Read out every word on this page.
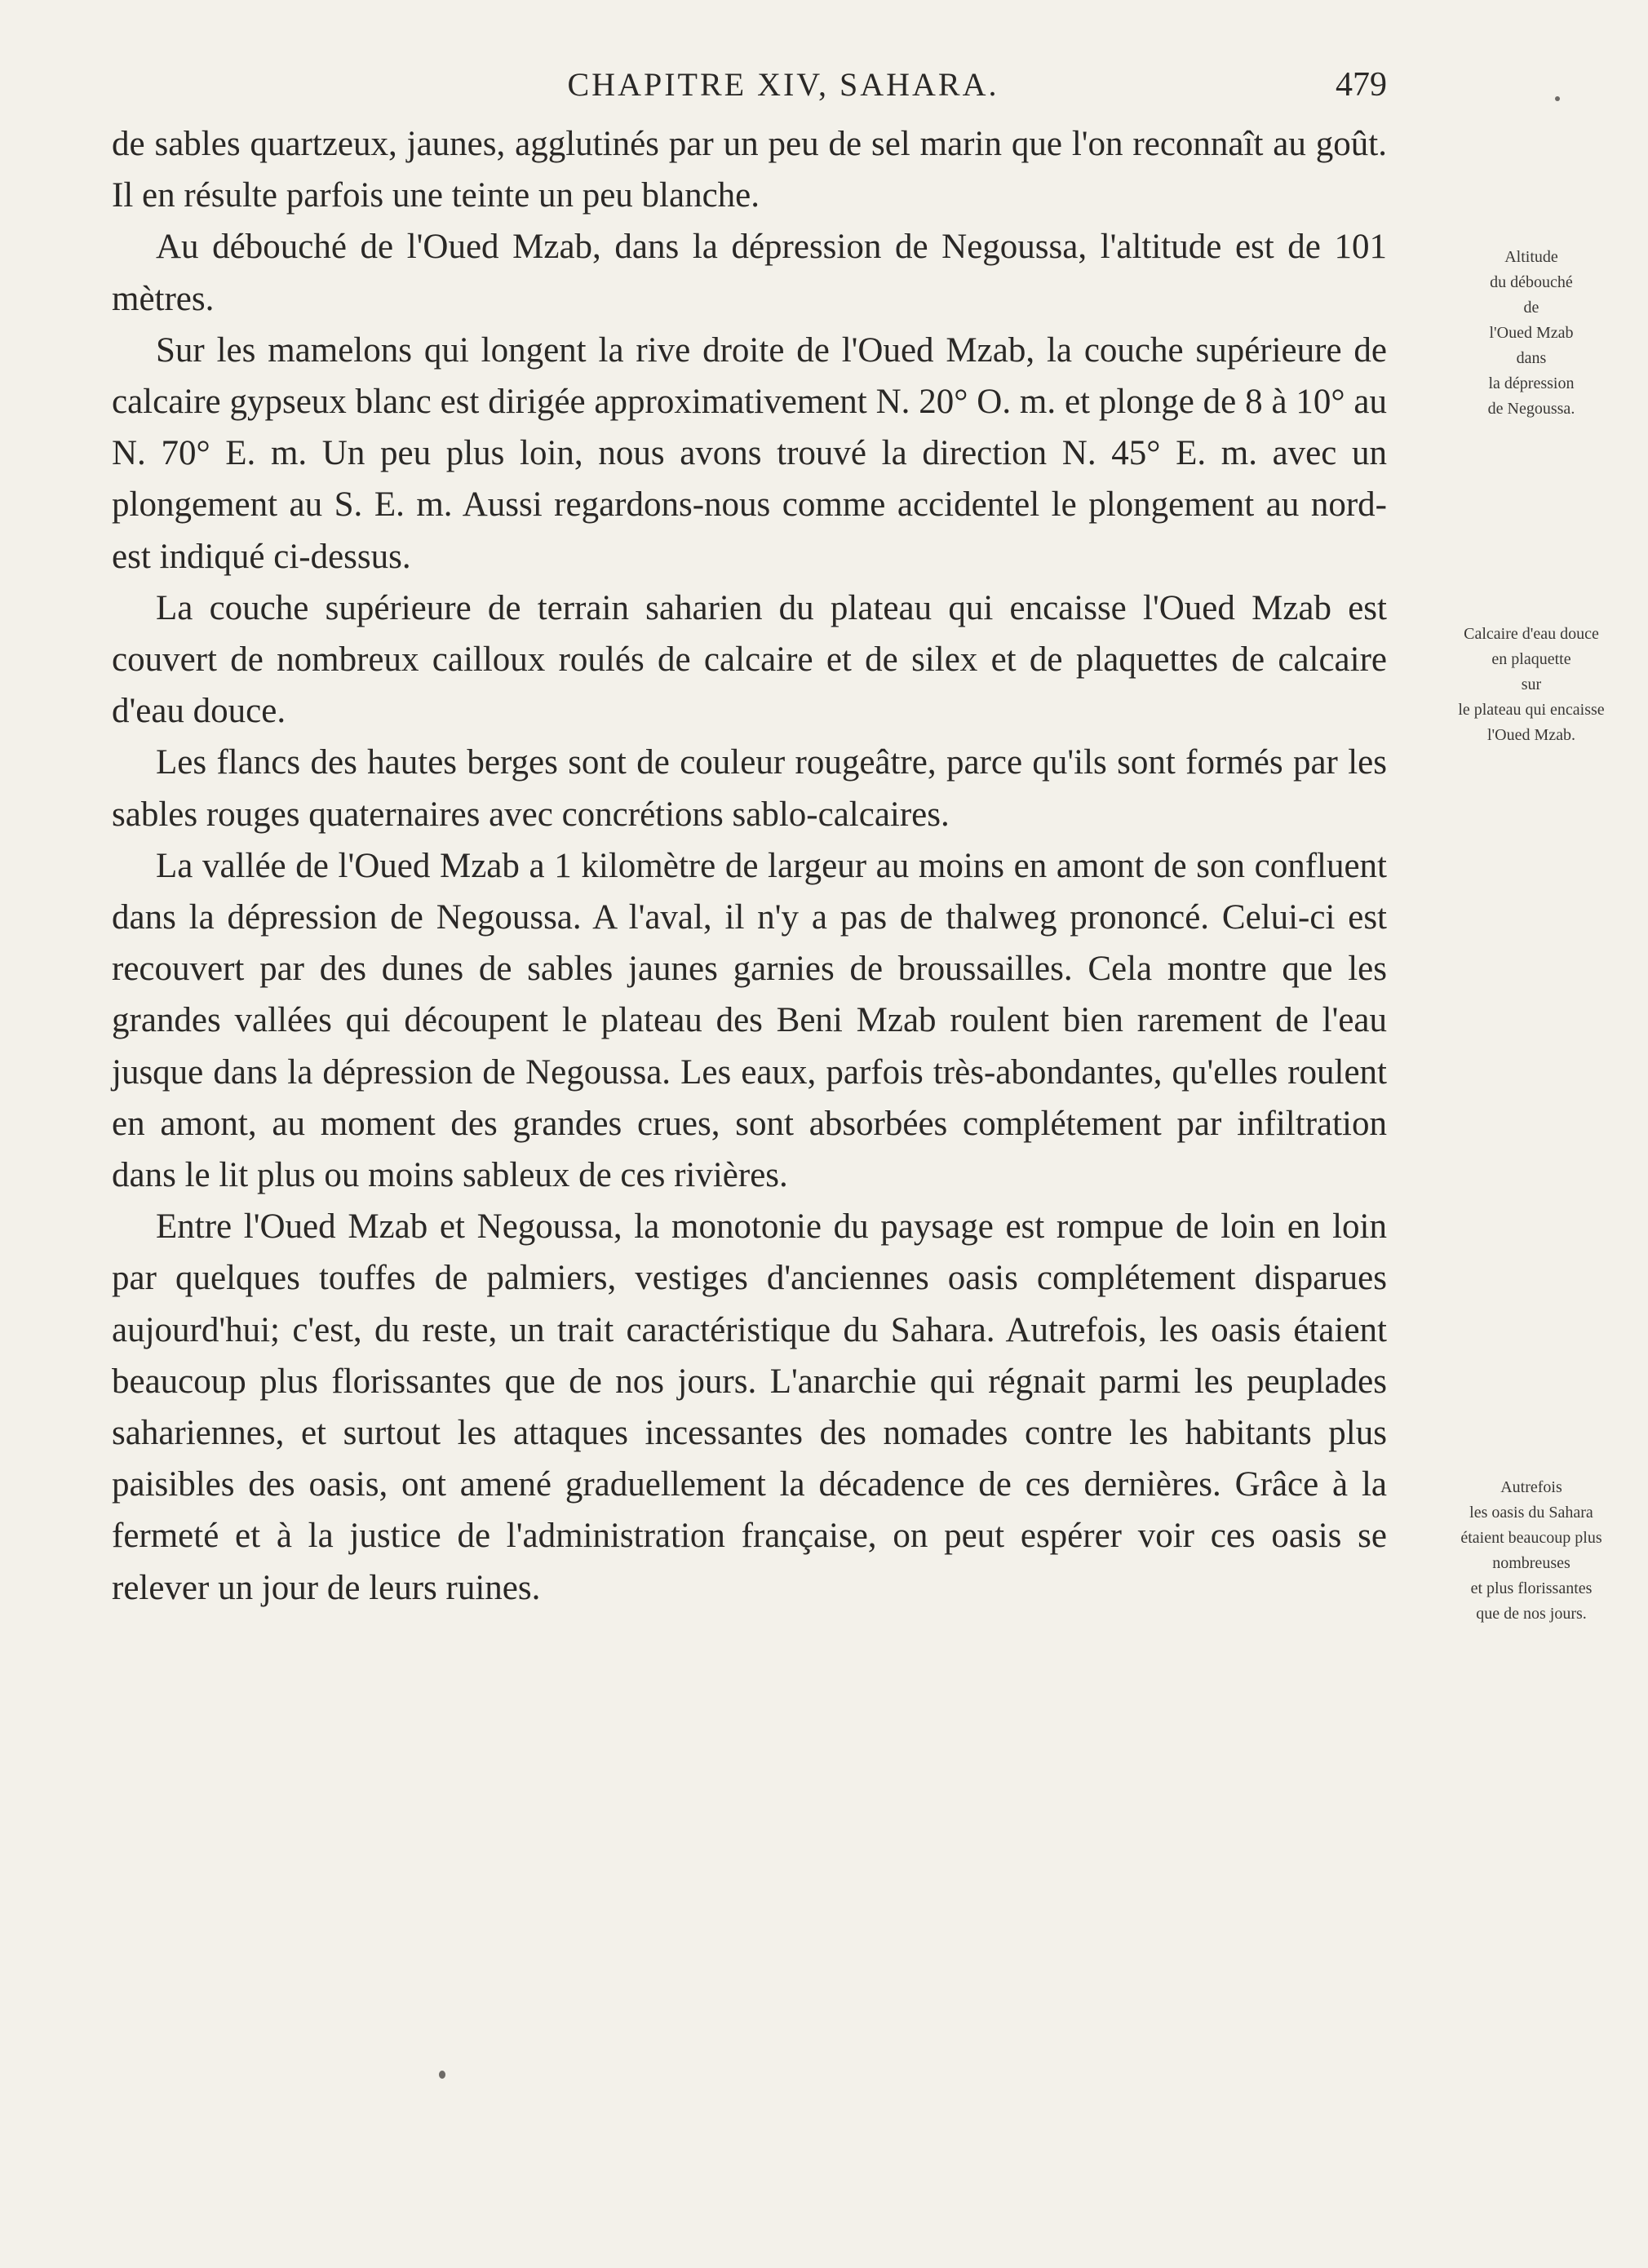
CHAPITRE XIV, SAHARA.	479

de sables quartzeux, jaunes, agglutinés par un peu de sel marin que l'on reconnaît au goût. Il en résulte parfois une teinte un peu blanche.

Au débouché de l'Oued Mzab, dans la dépression de Negoussa, l'altitude est de 101 mètres.

Sur les mamelons qui longent la rive droite de l'Oued Mzab, la couche supérieure de calcaire gypseux blanc est dirigée approximativement N. 20° O. m. et plonge de 8 à 10° au N. 70° E. m. Un peu plus loin, nous avons trouvé la direction N. 45° E. m. avec un plongement au S. E. m. Aussi regardons-nous comme accidentel le plongement au nord-est indiqué ci-dessus.

La couche supérieure de terrain saharien du plateau qui encaisse l'Oued Mzab est couvert de nombreux cailloux roulés de calcaire et de silex et de plaquettes de calcaire d'eau douce.

Les flancs des hautes berges sont de couleur rougeâtre, parce qu'ils sont formés par les sables rouges quaternaires avec concrétions sablo-calcaires.

La vallée de l'Oued Mzab a 1 kilomètre de largeur au moins en amont de son confluent dans la dépression de Negoussa. A l'aval, il n'y a pas de thalweg prononcé. Celui-ci est recouvert par des dunes de sables jaunes garnies de broussailles. Cela montre que les grandes vallées qui découpent le plateau des Beni Mzab roulent bien rarement de l'eau jusque dans la dépression de Negoussa. Les eaux, parfois très-abondantes, qu'elles roulent en amont, au moment des grandes crues, sont absorbées complétement par infiltration dans le lit plus ou moins sableux de ces rivières.

Entre l'Oued Mzab et Negoussa, la monotonie du paysage est rompue de loin en loin par quelques touffes de palmiers, vestiges d'anciennes oasis complétement disparues aujourd'hui; c'est, du reste, un trait caractéristique du Sahara. Autrefois, les oasis étaient beaucoup plus florissantes que de nos jours. L'anarchie qui régnait parmi les peuplades sahariennes, et surtout les attaques incessantes des nomades contre les habitants plus paisibles des oasis, ont amené graduellement la décadence de ces dernières. Grâce à la fermeté et à la justice de l'administration française, on peut espérer voir ces oasis se relever un jour de leurs ruines.

Altitude
du débouché
de
l'Oued Mzab
dans
la dépression
de Negoussa.
Calcaire d'eau douce
en plaquette
sur
le plateau qui encaisse
l'Oued Mzab.
Autrefois
les oasis du Sahara
étaient beaucoup plus
nombreuses
et plus florissantes
que de nos jours.
